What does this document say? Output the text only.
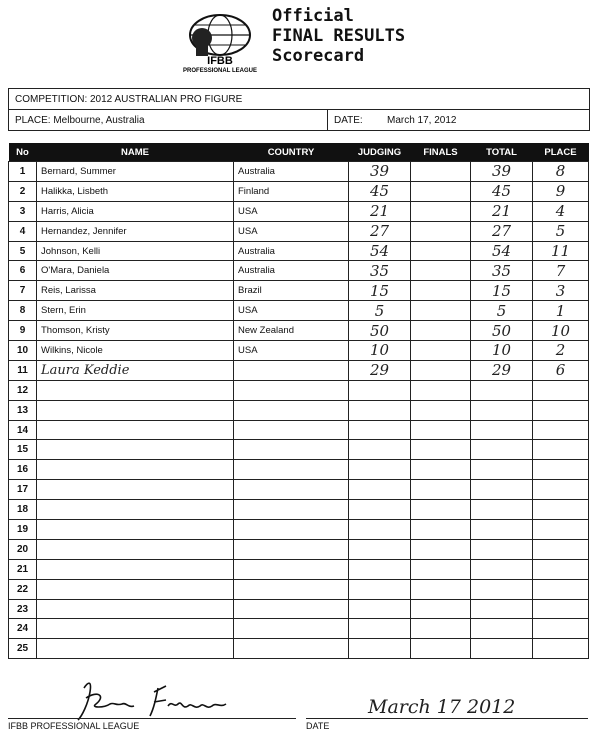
IFBB
PROFESSIONAL LEAGUE
Official
FINAL RESULTS
Scorecard
COMPETITION: 2012 AUSTRALIAN PRO FIGURE
PLACE: Melbourne, Australia	DATE:	March 17, 2012
No	NAME	COUNTRY	JUDGING	FINALS	TOTAL	PLACE
1	Bernard, Summer	Australia	39		39	8
2	Halikka, Lisbeth	Finland	45		45	9
3	Harris, Alicia	USA	21		21	4
4	Hernandez, Jennifer	USA	27		27	5
5	Johnson, Kelli	Australia	54		54	11
6	O'Mara, Daniela	Australia	35		35	7
7	Reis, Larissa	Brazil	15		15	3
8	Stern, Erin	USA	5		5	1
9	Thomson, Kristy	New Zealand	50		50	10
10	Wilkins, Nicole	USA	10		10	2
11	Laura Keddie		29		29	6
12						
13						
14						
15						
16						
17						
18						
19						
20						
21						
22						
23						
24						
25						
IFBB PROFESSIONAL LEAGUE
March 17 2012
DATE
